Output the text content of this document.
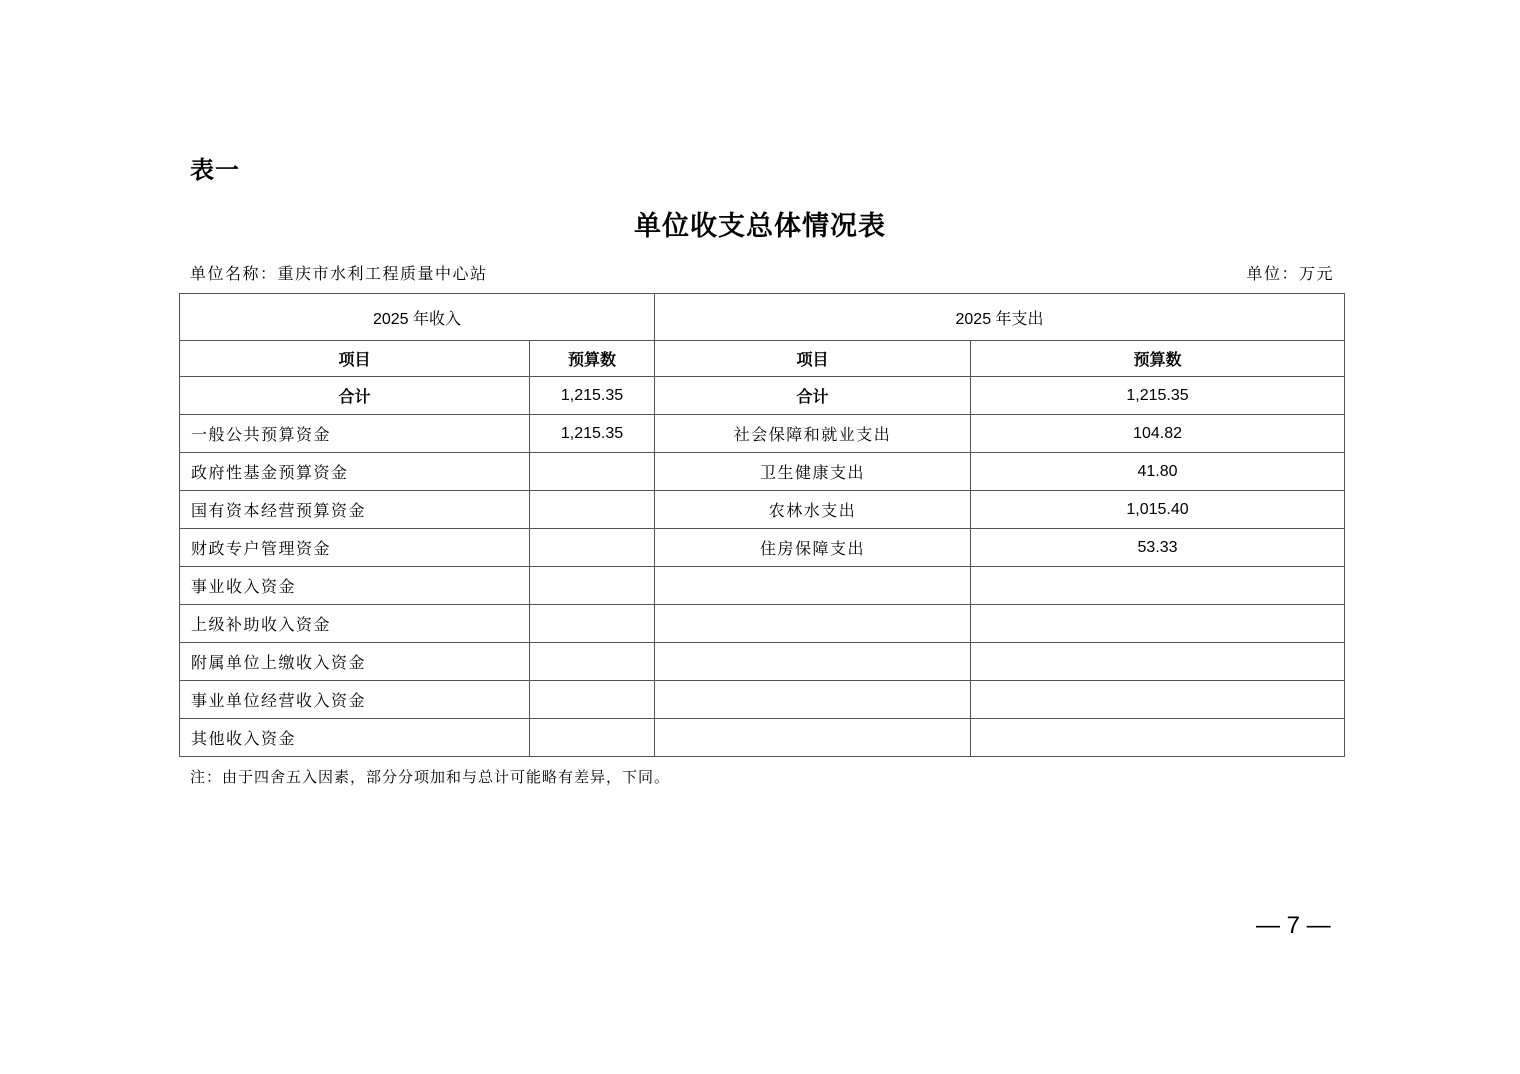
表一
单位收支总体情况表
单位名称：重庆市水利工程质量中心站	单位：万元
2025 年收入		2025 年支出	
项目	预算数	项目	预算数
合计	1,215.35	合计	1,215.35
一般公共预算资金	1,215.35	社会保障和就业支出	104.82
政府性基金预算资金		卫生健康支出	41.80
国有资本经营预算资金		农林水支出	1,015.40
财政专户管理资金		住房保障支出	53.33
事业收入资金			
上级补助收入资金			
附属单位上缴收入资金			
事业单位经营收入资金			
其他收入资金			
注：由于四舍五入因素，部分分项加和与总计可能略有差异，下同。
— 7 —
